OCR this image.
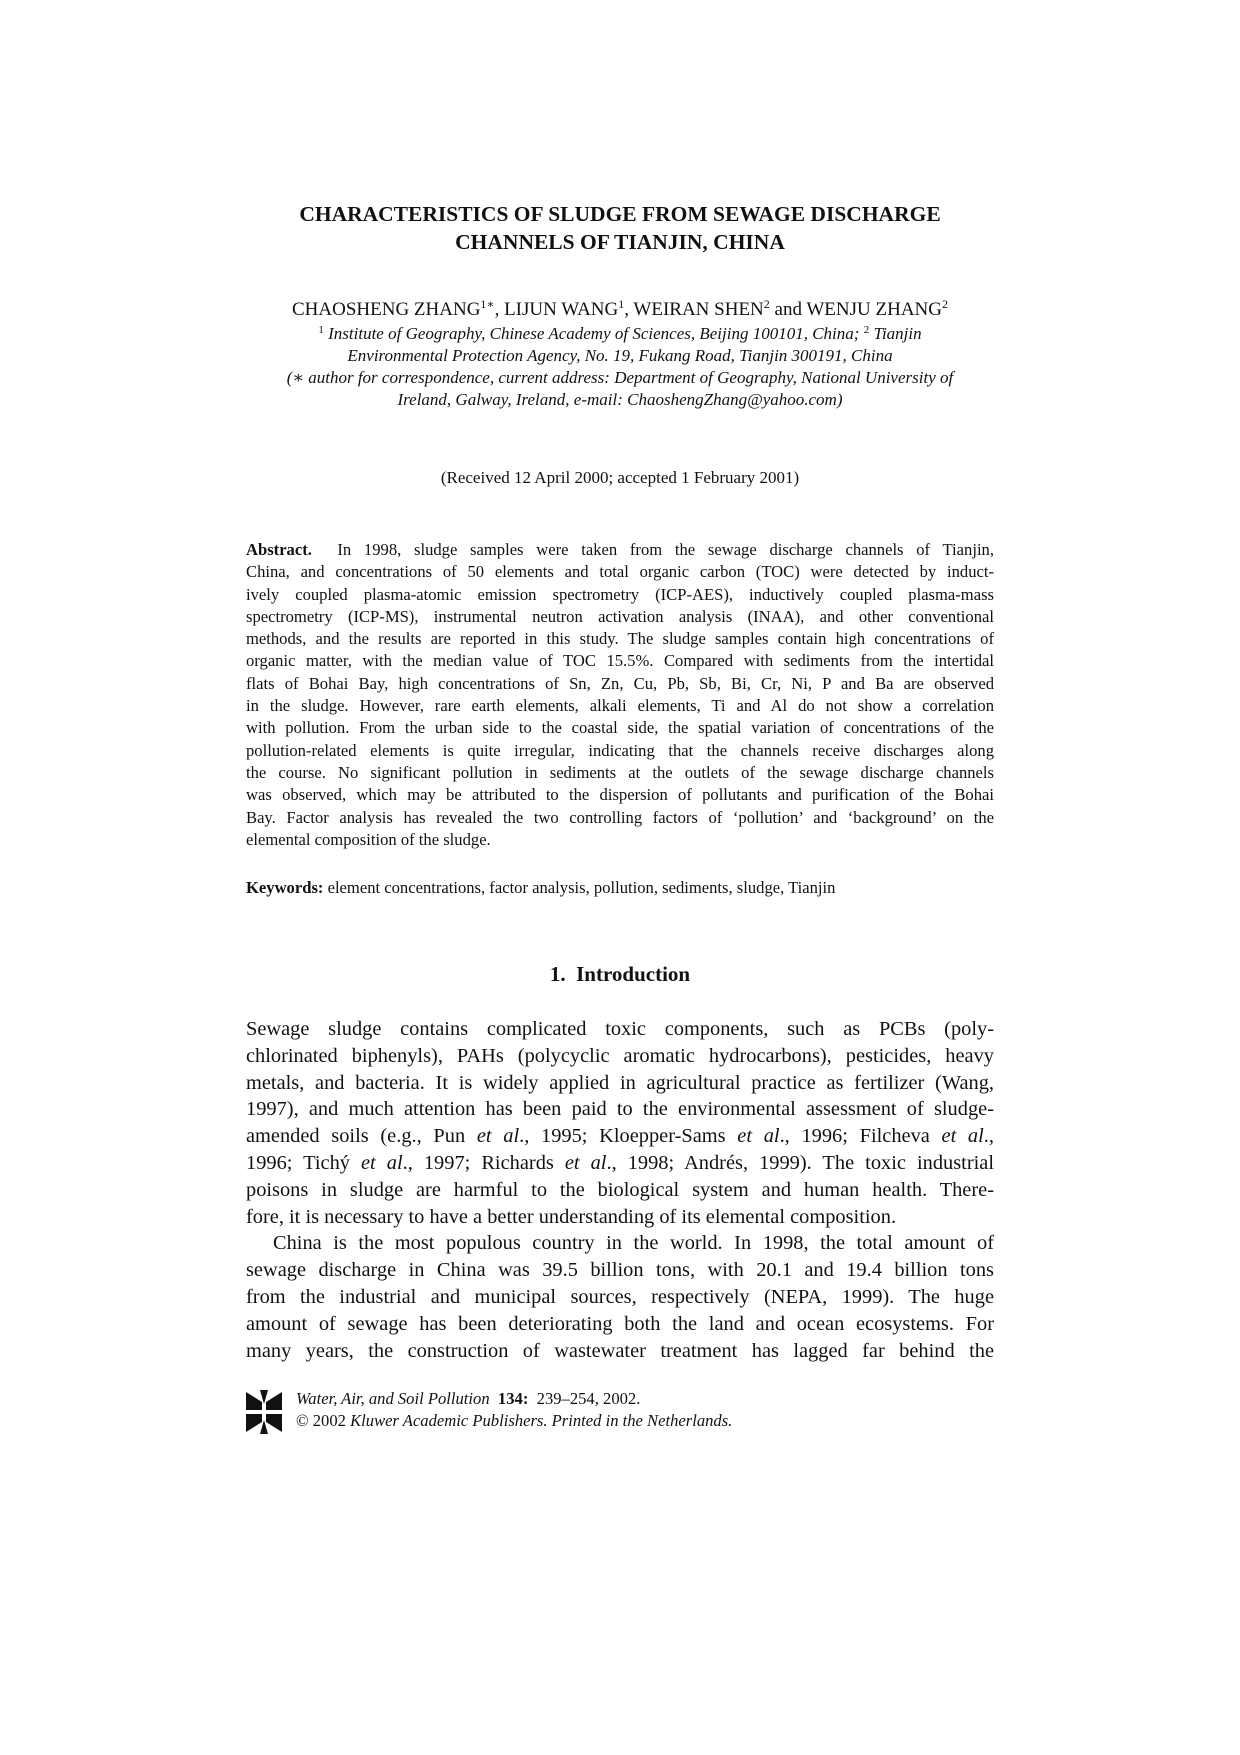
CHARACTERISTICS OF SLUDGE FROM SEWAGE DISCHARGE
CHANNELS OF TIANJIN, CHINA
CHAOSHENG $ZHANG^{1∗}$, LIJUN WANG$^1$, WEIRAN SHEN$^2$ and WENJU ZHANG$^2$
$^1$ Institute of Geography, Chinese Academy of Sciences, Beijing 100101, China; $^2$ Tianjin
Environmental Protection Agency, No. 19, Fukang Road, Tianjin 300191, China
(∗ author for correspondence, current address: Department of Geography, National University of
Ireland, Galway, Ireland, e-mail: ChaoshengZhang@yahoo.com)
(Received 12 April 2000; accepted 1 February 2001)
Abstract. In 1998, sludge samples were taken from the sewage discharge channels of Tianjin,
China, and concentrations of 50 elements and total organic carbon (TOC) were detected by induct-
ively coupled plasma-atomic emission spectrometry (ICP-AES), inductively coupled plasma-mass
spectrometry (ICP-MS), instrumental neutron activation analysis (INAA), and other conventional
methods, and the results are reported in this study. The sludge samples contain high concentrations of
organic matter, with the median value of TOC 15.5%. Compared with sediments from the intertidal
flats of Bohai Bay, high concentrations of Sn, Zn, Cu, Pb, Sb, Bi, Cr, Ni, P and Ba are observed
in the sludge. However, rare earth elements, alkali elements, Ti and Al do not show a correlation
with pollution. From the urban side to the coastal side, the spatial variation of concentrations of the
pollution-related elements is quite irregular, indicating that the channels receive discharges along
the course. No significant pollution in sediments at the outlets of the sewage discharge channels
was observed, which may be attributed to the dispersion of pollutants and purification of the Bohai
Bay. Factor analysis has revealed the two controlling factors of ‘pollution’ and ‘background’ on the
elemental composition of the sludge.
Keywords: element concentrations, factor analysis, pollution, sediments, sludge, Tianjin
1. Introduction
Sewage sludge contains complicated toxic components, such as PCBs (poly-
chlorinated biphenyls), PAHs (polycyclic aromatic hydrocarbons), pesticides, heavy
metals, and bacteria. It is widely applied in agricultural practice as fertilizer (Wang,
1997), and much attention has been paid to the environmental assessment of sludge-
amended soils (e.g., Pun et al., 1995; Kloepper-Sams et al., 1996; Filcheva et al.,
1996; Tichý et al., 1997; Richards et al., 1998; Andrés, 1999). The toxic industrial
poisons in sludge are harmful to the biological system and human health. There-
fore, it is necessary to have a better understanding of its elemental composition.
China is the most populous country in the world. In 1998, the total amount of
sewage discharge in China was 39.5 billion tons, with 20.1 and 19.4 billion tons
from the industrial and municipal sources, respectively (NEPA, 1999). The huge
amount of sewage has been deteriorating both the land and ocean ecosystems. For
many years, the construction of wastewater treatment has lagged far behind the
Water, Air, and Soil Pollution 134: 239–254, 2002.
© 2002 Kluwer Academic Publishers. Printed in the Netherlands.
